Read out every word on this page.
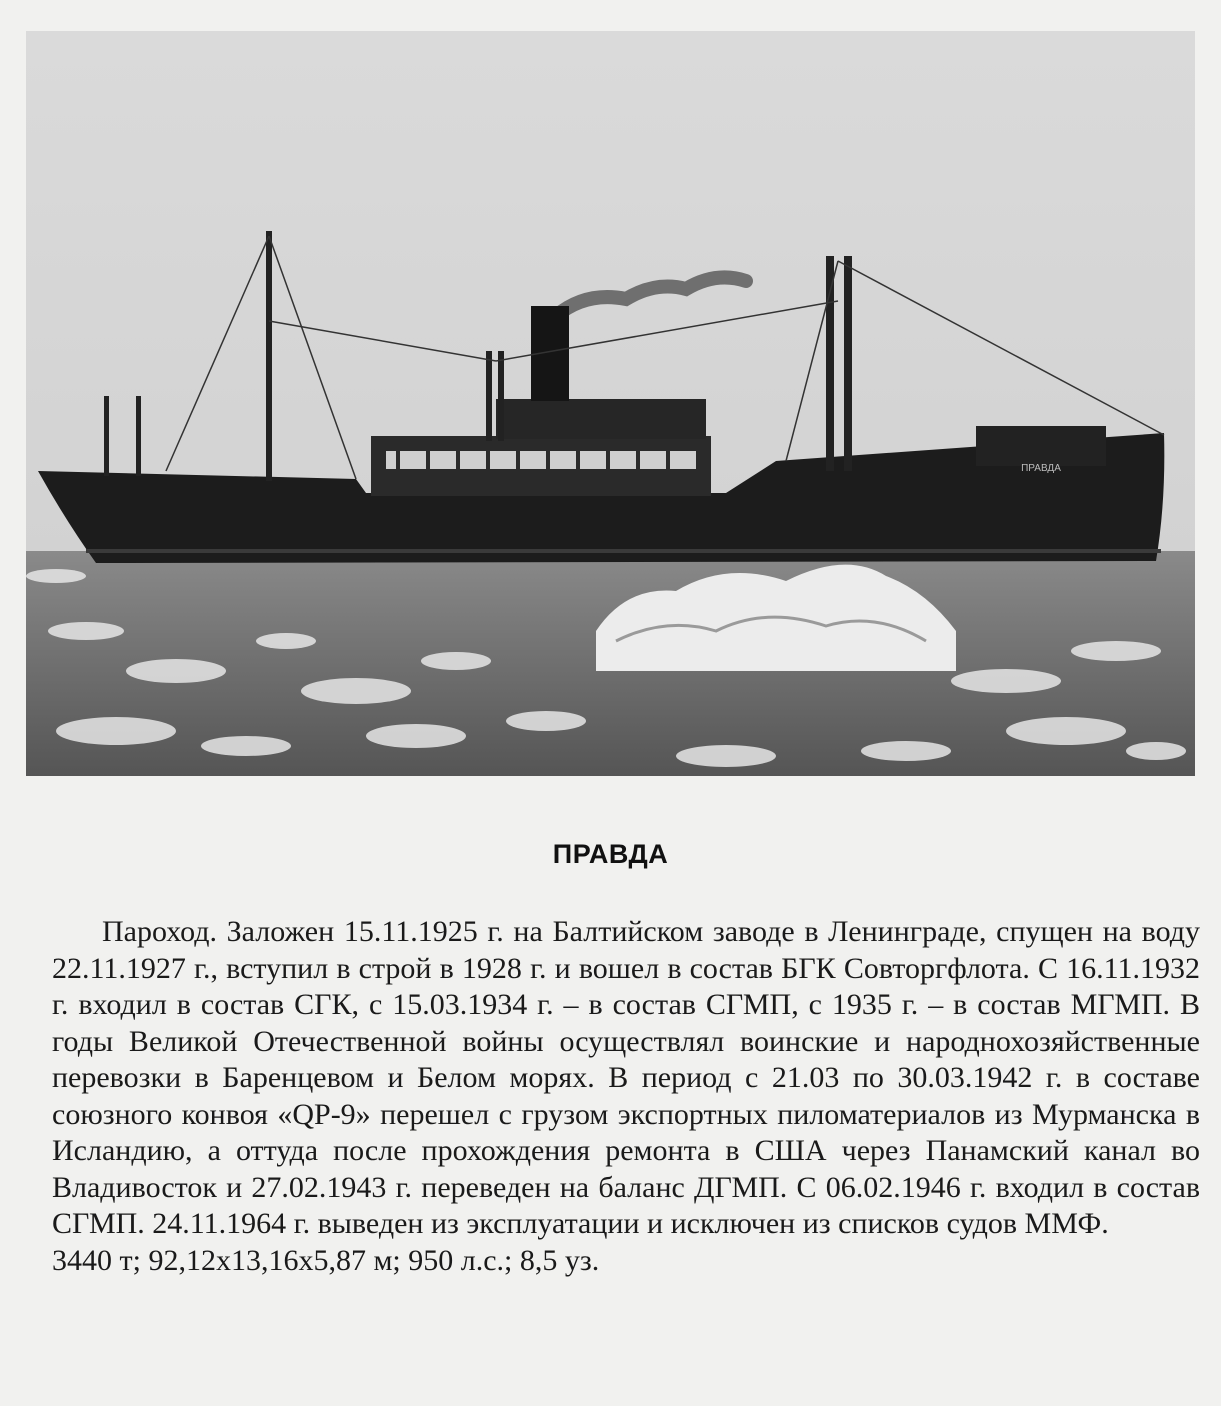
ПРАВДА
ПРАВДА

Пароход. Заложен 15.11.1925 г. на Балтийском заводе в Ленинграде, спущен на воду 22.11.1927 г., вступил в строй в 1928 г. и вошел в состав БГК Совторгфлота. С 16.11.1932 г. входил в состав СГК, с 15.03.1934 г. – в состав СГМП, с 1935 г. – в состав МГМП. В годы Великой Отечественной войны осуществлял воинские и народнохозяйственные перевозки в Баренцевом и Белом морях. В период с 21.03 по 30.03.1942 г. в составе союзного конвоя «QP-9» перешел с грузом экспортных пиломатериалов из Мурманска в Исландию, а оттуда после прохождения ремонта в США через Панамский канал во Владивосток и 27.02.1943 г. переведен на баланс ДГМП. С 06.02.1946 г. входил в состав СГМП. 24.11.1964 г. выведен из эксплуатации и исключен из списков судов ММФ.

3440 т; 92,12х13,16х5,87 м; 950 л.с.; 8,5 уз.
